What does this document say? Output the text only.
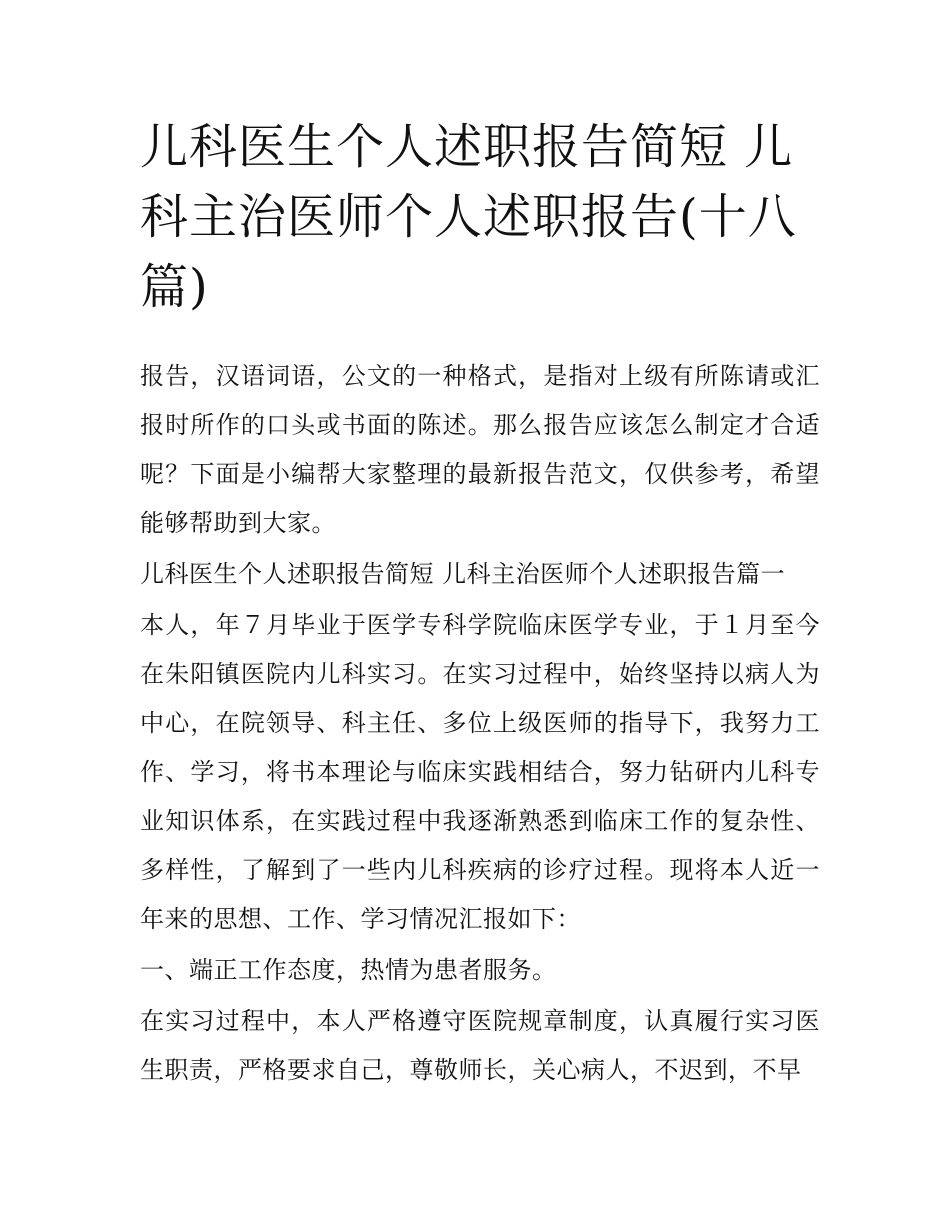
儿科医生个人述职报告简短 儿科主治医师个人述职报告(十八篇)

报告，汉语词语，公文的一种格式，是指对上级有所陈请或汇报时所作的口头或书面的陈述。那么报告应该怎么制定才合适呢？下面是小编帮大家整理的最新报告范文，仅供参考，希望能够帮助到大家。

儿科医生个人述职报告简短 儿科主治医师个人述职报告篇一

本人，年７月毕业于医学专科学院临床医学专业，于１月至今在朱阳镇医院内儿科实习。在实习过程中，始终坚持以病人为中心，在院领导、科主任、多位上级医师的指导下，我努力工作、学习，将书本理论与临床实践相结合，努力钻研内儿科专业知识体系，在实践过程中我逐渐熟悉到临床工作的复杂性、多样性，了解到了一些内儿科疾病的诊疗过程。现将本人近一年来的思想、工作、学习情况汇报如下：

一、端正工作态度，热情为患者服务。

在实习过程中，本人严格遵守医院规章制度，认真履行实习医生职责，严格要求自己，尊敬师长，关心病人，不迟到，不早
